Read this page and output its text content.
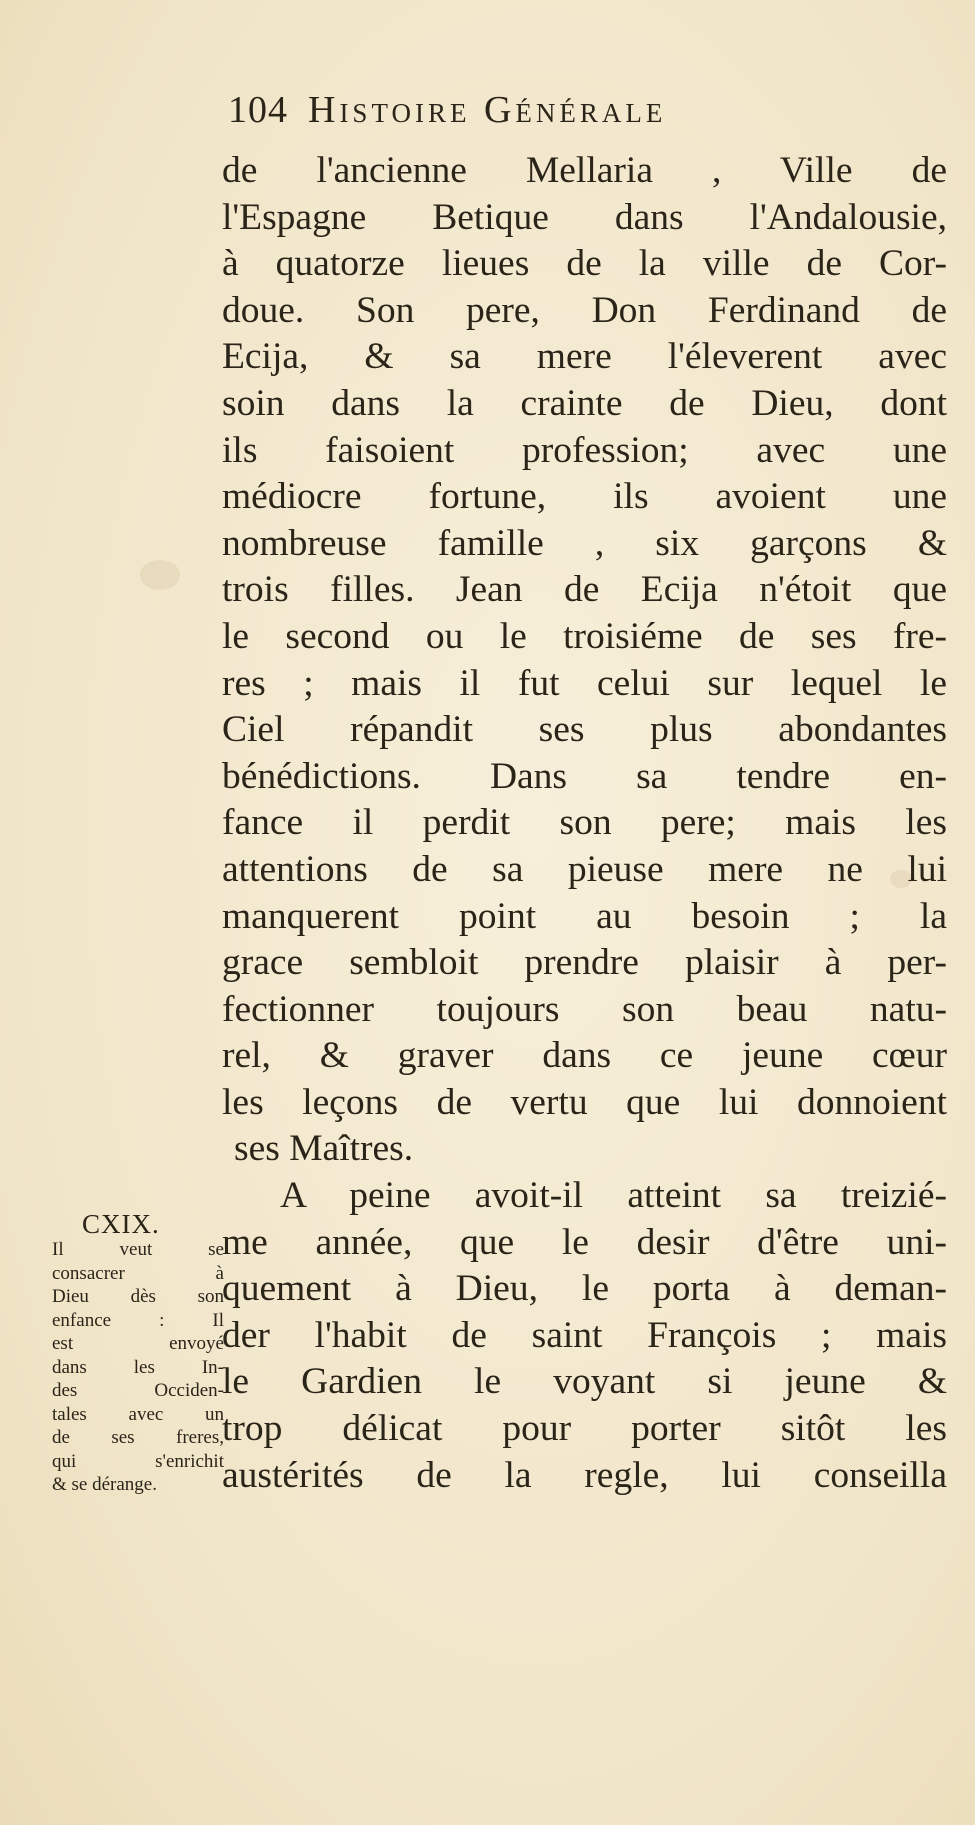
104 Histoire Générale
de l'ancienne Mellaria , Ville de
l'Espagne Betique dans l'Andalousie,
à quatorze lieues de la ville de Cor-
doue. Son pere, Don Ferdinand de
Ecija, & sa mere l'éleverent avec
soin dans la crainte de Dieu, dont
ils faisoient profession; avec une
médiocre fortune, ils avoient une
nombreuse famille , six garçons &
trois filles. Jean de Ecija n'étoit que
le second ou le troisiéme de ses fre-
res ; mais il fut celui sur lequel le
Ciel répandit ses plus abondantes
bénédictions. Dans sa tendre en-
fance il perdit son pere; mais les
attentions de sa pieuse mere ne lui
manquerent point au besoin ; la
grace sembloit prendre plaisir à per-
fectionner toujours son beau natu-
rel, & graver dans ce jeune cœur
les leçons de vertu que lui donnoient
ses Maîtres.
A peine avoit-il atteint sa treizié-
me année, que le desir d'être uni-
quement à Dieu, le porta à deman-
der l'habit de saint François ; mais
le Gardien le voyant si jeune &
trop délicat pour porter sitôt les
austérités de la regle, lui conseilla
CXIX.
Il veut se
consacrer à
Dieu dès son
enfance : Il
est envoyé
dans les In-
des Occiden-
tales avec un
de ses freres,
qui s'enrichit
& se dérange.
